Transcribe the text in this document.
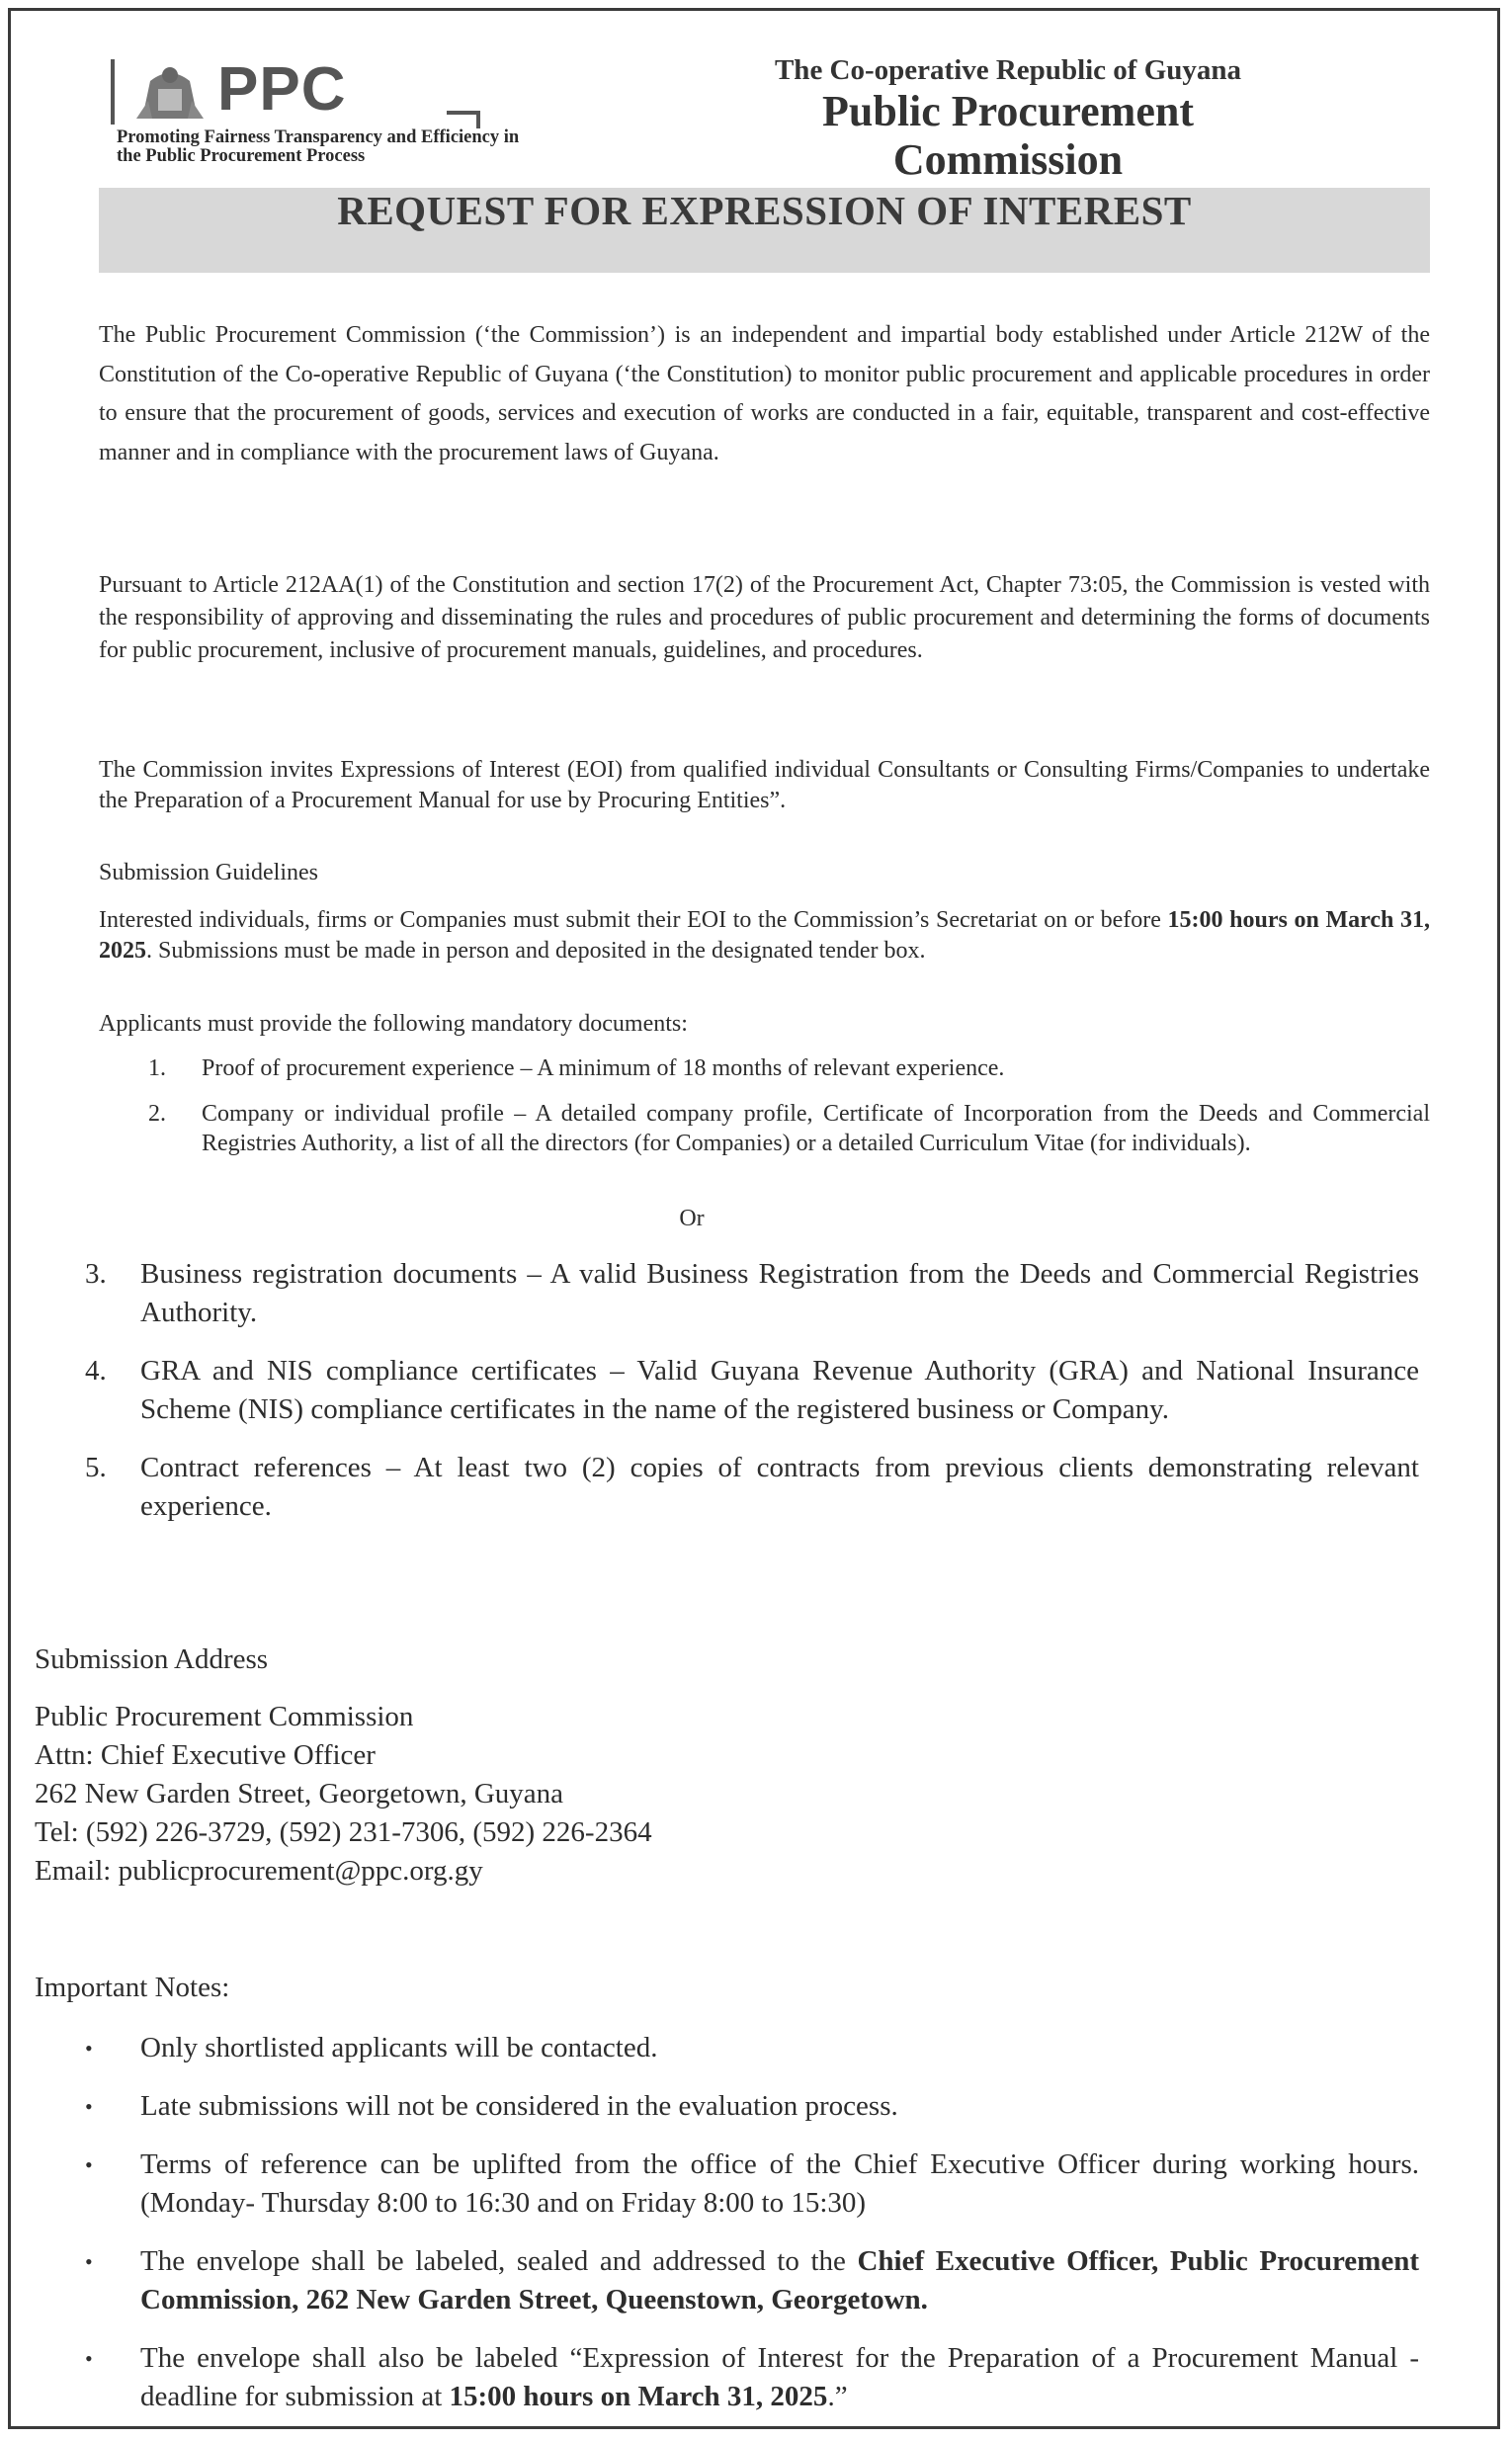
PPC
Promoting Fairness Transparency and Efficiency in the Public Procurement Process
The Co-operative Republic of Guyana
Public Procurement
Commission
REQUEST FOR EXPRESSION OF INTEREST
The Public Procurement Commission (‘the Commission’) is an independent and impartial body established under Article 212W of the Constitution of the Co-operative Republic of Guyana (‘the Constitution) to monitor public procurement and applicable procedures in order to ensure that the procurement of goods, services and execution of works are conducted in a fair, equitable, transparent and cost-effective manner and in compliance with the procurement laws of Guyana.
Pursuant to Article 212AA(1) of the Constitution and section 17(2) of the Procurement Act, Chapter 73:05, the Commission is vested with the responsibility of approving and disseminating the rules and procedures of public procurement and determining the forms of documents for public procurement, inclusive of procurement manuals, guidelines, and procedures.
The Commission invites Expressions of Interest (EOI) from qualified individual Consultants or Consulting Firms/Companies to undertake the Preparation of a Procurement Manual for use by Procuring Entities”.
Submission Guidelines
Interested individuals, firms or Companies must submit their EOI to the Commission’s Secretariat on or before 15:00 hours on March 31, 2025. Submissions must be made in person and deposited in the designated tender box.
Applicants must provide the following mandatory documents:
1. Proof of procurement experience – A minimum of 18 months of relevant experience.
2. Company or individual profile – A detailed company profile, Certificate of Incorporation from the Deeds and Commercial Registries Authority, a list of all the directors (for Companies) or a detailed Curriculum Vitae (for individuals).
Or
3. Business registration documents – A valid Business Registration from the Deeds and Commercial Registries Authority.
4. GRA and NIS compliance certificates – Valid Guyana Revenue Authority (GRA) and National Insurance Scheme (NIS) compliance certificates in the name of the registered business or Company.
5. Contract references – At least two (2) copies of contracts from previous clients demonstrating relevant experience.
Submission Address
Public Procurement Commission
Attn: Chief Executive Officer
262 New Garden Street, Georgetown, Guyana
Tel: (592) 226-3729, (592) 231-7306, (592) 226-2364
Email: publicprocurement@ppc.org.gy
Important Notes:
• Only shortlisted applicants will be contacted.
• Late submissions will not be considered in the evaluation process.
• Terms of reference can be uplifted from the office of the Chief Executive Officer during working hours. (Monday- Thursday 8:00 to 16:30 and on Friday 8:00 to 15:30)
• The envelope shall be labeled, sealed and addressed to the Chief Executive Officer, Public Procurement Commission, 262 New Garden Street, Queenstown, Georgetown.
• The envelope shall also be labeled “Expression of Interest for the Preparation of a Procurement Manual - deadline for submission at 15:00 hours on March 31, 2025.”
